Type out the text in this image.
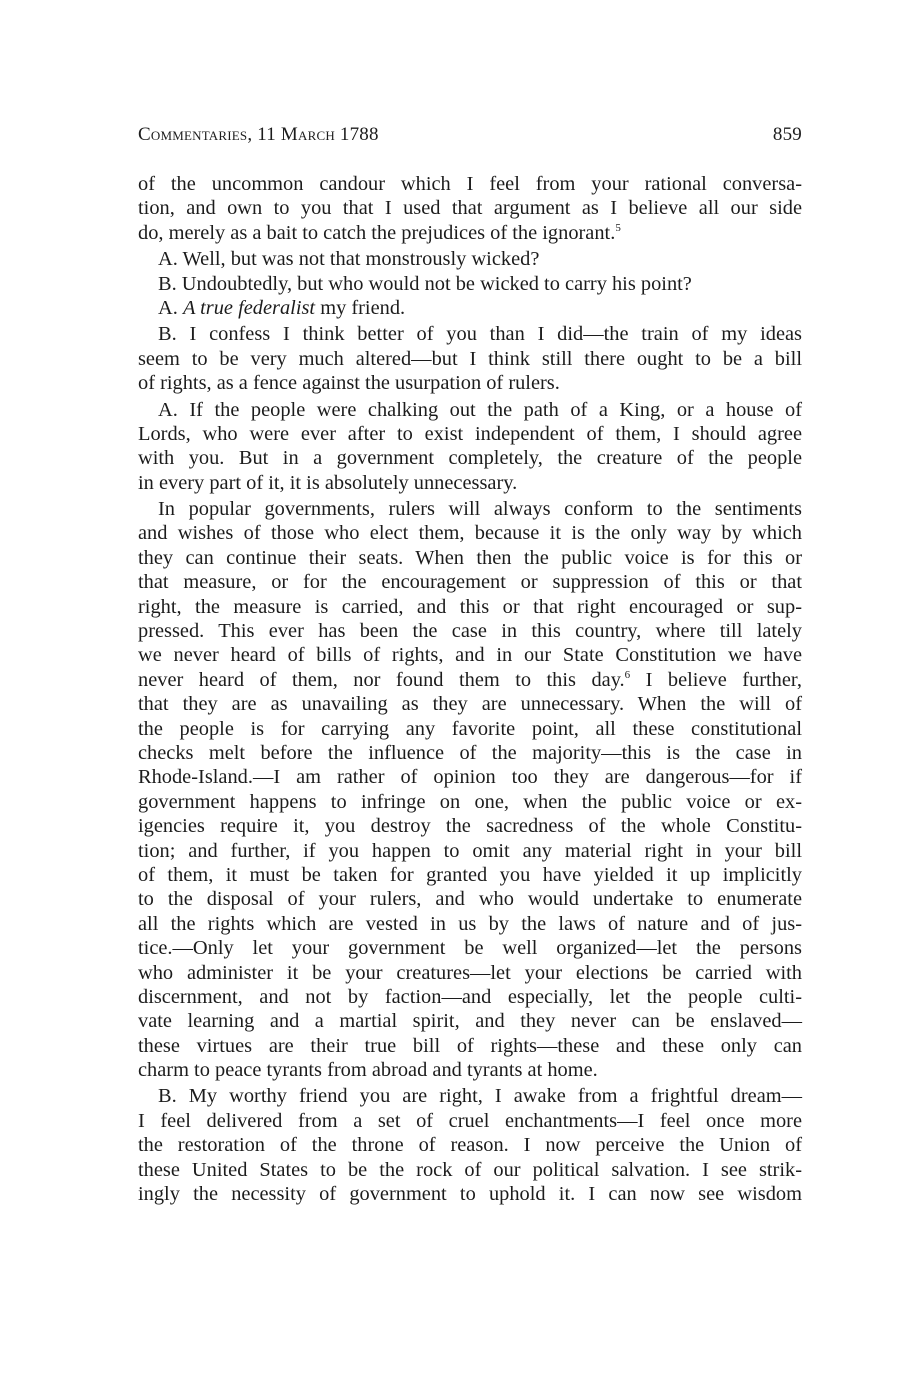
Commentaries, 11 March 1788	859
of the uncommon candour which I feel from your rational conversa-
tion, and own to you that I used that argument as I believe all our side
do, merely as a bait to catch the prejudices of the ignorant.$^5$
A. Well, but was not that monstrously wicked?
B. Undoubtedly, but who would not be wicked to carry his point?
A. A true federalist my friend.
B. I confess I think better of you than I did—the train of my ideas
seem to be very much altered—but I think still there ought to be a bill
of rights, as a fence against the usurpation of rulers.
A. If the people were chalking out the path of a King, or a house of
Lords, who were ever after to exist independent of them, I should agree
with you. But in a government completely, the creature of the people
in every part of it, it is absolutely unnecessary.
In popular governments, rulers will always conform to the sentiments
and wishes of those who elect them, because it is the only way by which
they can continue their seats. When then the public voice is for this or
that measure, or for the encouragement or suppression of this or that
right, the measure is carried, and this or that right encouraged or sup-
pressed. This ever has been the case in this country, where till lately
we never heard of bills of rights, and in our State Constitution we have
never heard of them, nor found them to this day.$^6$ I believe further,
that they are as unavailing as they are unnecessary. When the will of
the people is for carrying any favorite point, all these constitutional
checks melt before the influence of the majority—this is the case in
Rhode-Island.—I am rather of opinion too they are dangerous—for if
government happens to infringe on one, when the public voice or ex-
igencies require it, you destroy the sacredness of the whole Constitu-
tion; and further, if you happen to omit any material right in your bill
of them, it must be taken for granted you have yielded it up implicitly
to the disposal of your rulers, and who would undertake to enumerate
all the rights which are vested in us by the laws of nature and of jus-
tice.—Only let your government be well organized—let the persons
who administer it be your creatures—let your elections be carried with
discernment, and not by faction—and especially, let the people culti-
vate learning and a martial spirit, and they never can be enslaved—
these virtues are their true bill of rights—these and these only can
charm to peace tyrants from abroad and tyrants at home.
B. My worthy friend you are right, I awake from a frightful dream—
I feel delivered from a set of cruel enchantments—I feel once more
the restoration of the throne of reason. I now perceive the Union of
these United States to be the rock of our political salvation. I see strik-
ingly the necessity of government to uphold it. I can now see wisdom
